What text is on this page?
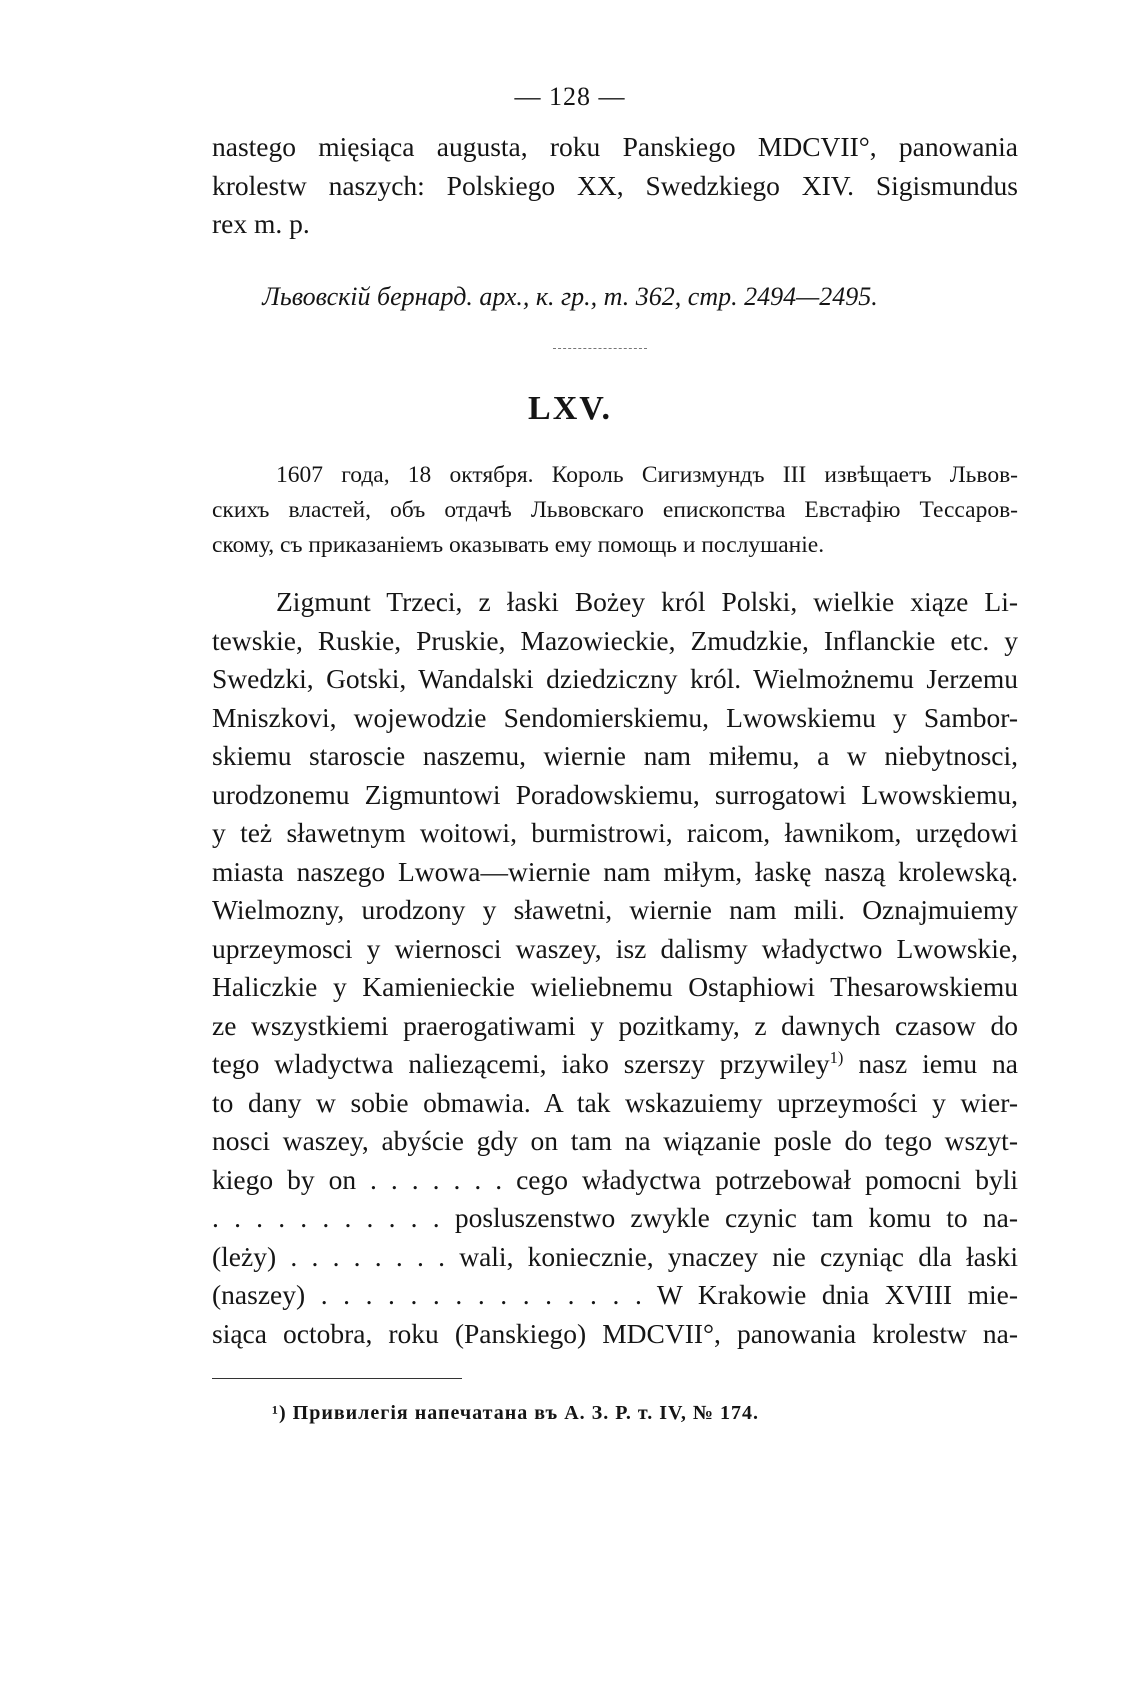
— 128 —
nastego mięsiąca augusta, roku Panskiego MDCVII°, panowania
krolestw naszych: Polskiego XX, Swedzkiego XIV. Sigismundus
rex m. p.
Львовскій бернард. арх., к. гр., т. 362, стр. 2494—2495.
LXV.
1607 года, 18 октября. Король Сигизмундъ III извѣщаетъ Львов-
скихъ властей, объ отдачѣ Львовскаго епископства Евстафію Тессаров-
скому, съ приказаніемъ оказывать ему помощь и послушаніе.
Zigmunt Trzeci, z łaski Bożey król Polski, wielkie xiąze Li-
tewskie, Ruskie, Pruskie, Mazowieckie, Zmudzkie, Inflanckie etc. y
Swedzki, Gotski, Wandalski dziedziczny król. Wielmożnemu Jerzemu
Mniszkovi, wojewodzie Sendomierskiemu, Lwowskiemu y Sambor-
skiemu staroscie naszemu, wiernie nam miłemu, a w niebytnosci,
urodzonemu Zigmuntowi Poradowskiemu, surrogatowi Lwowskiemu,
y też sławetnym woitowi, burmistrowi, raicom, ławnikom, urzędowi
miasta naszego Lwowa—wiernie nam miłym, łaskę naszą krolewską.
Wielmozny, urodzony y sławetni, wiernie nam mili. Oznajmuiemy
uprzeymosci y wiernosci waszey, isz dalismy władyctwo Lwowskie,
Haliczkie y Kamienieckie wieliebnemu Ostaphiowi Thesarowskiemu
ze wszystkiemi praerogatiwami y pozitkamy, z dawnych czasow do
tego wladyctwa naliezącemi, iako szerszy przywiley$^{1)}$ nasz iemu na
to dany w sobie obmawia. A tak wskazuiemy uprzeymości y wier-
nosci waszey, abyście gdy on tam na wiązanie posle do tego wszyt-
kiego by on . . . . . . . cego władyctwa potrzebował pomocni byli
. . . . . . . . . . . posluszenstwo zwykle czynic tam komu to na-
(leży) . . . . . . . . wali, koniecznie, ynaczey nie czyniąc dla łaski
(naszey) . . . . . . . . . . . . . . . W Krakowie dnia XVIII mie-
siąca octobra, roku (Panskiego) MDCVII°, panowania krolestw na-
¹) Привилегія напечатана въ А. З. Р. т. IV, № 174.
